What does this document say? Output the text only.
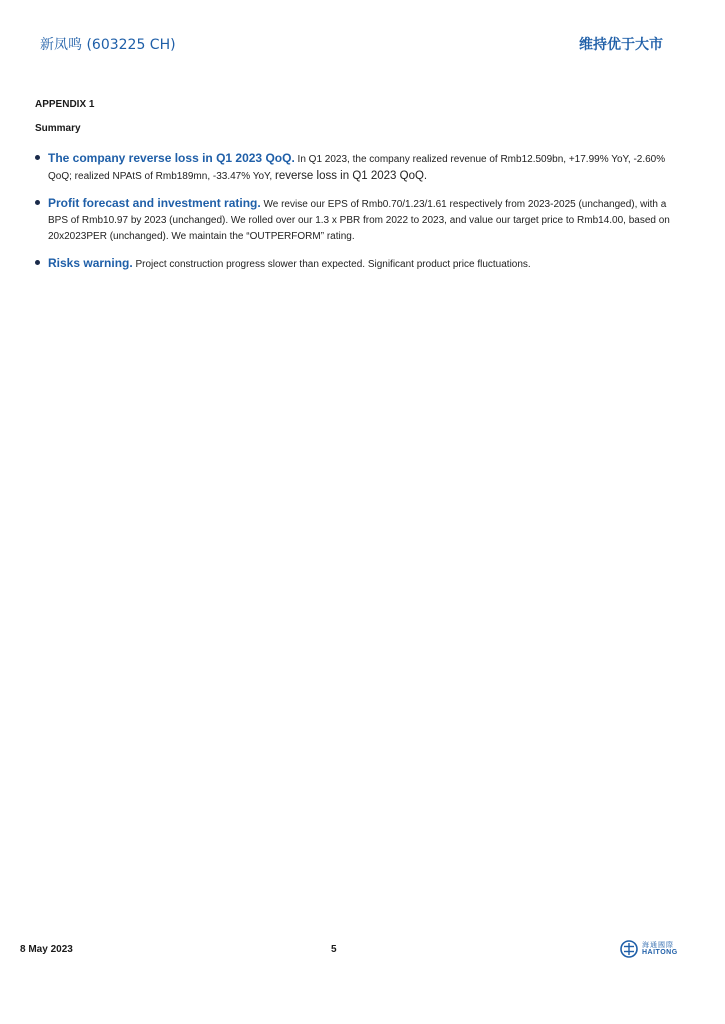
新凤鸣 (603225 CH)	维持优于大市
APPENDIX 1
Summary
The company reverse loss in Q1 2023 QoQ. In Q1 2023, the company realized revenue of Rmb12.509bn, +17.99% YoY, -2.60% QoQ; realized NPAtS of Rmb189mn, -33.47% YoY, reverse loss in Q1 2023 QoQ.
Profit forecast and investment rating. We revise our EPS of Rmb0.70/1.23/1.61 respectively from 2023-2025 (unchanged), with a BPS of Rmb10.97 by 2023 (unchanged). We rolled over our 1.3 x PBR from 2022 to 2023, and value our target price to Rmb14.00, based on 20x2023PER (unchanged). We maintain the “OUTPERFORM” rating.
Risks warning. Project construction progress slower than expected. Significant product price fluctuations.
8 May 2023	5	海通國際
HAITONG
